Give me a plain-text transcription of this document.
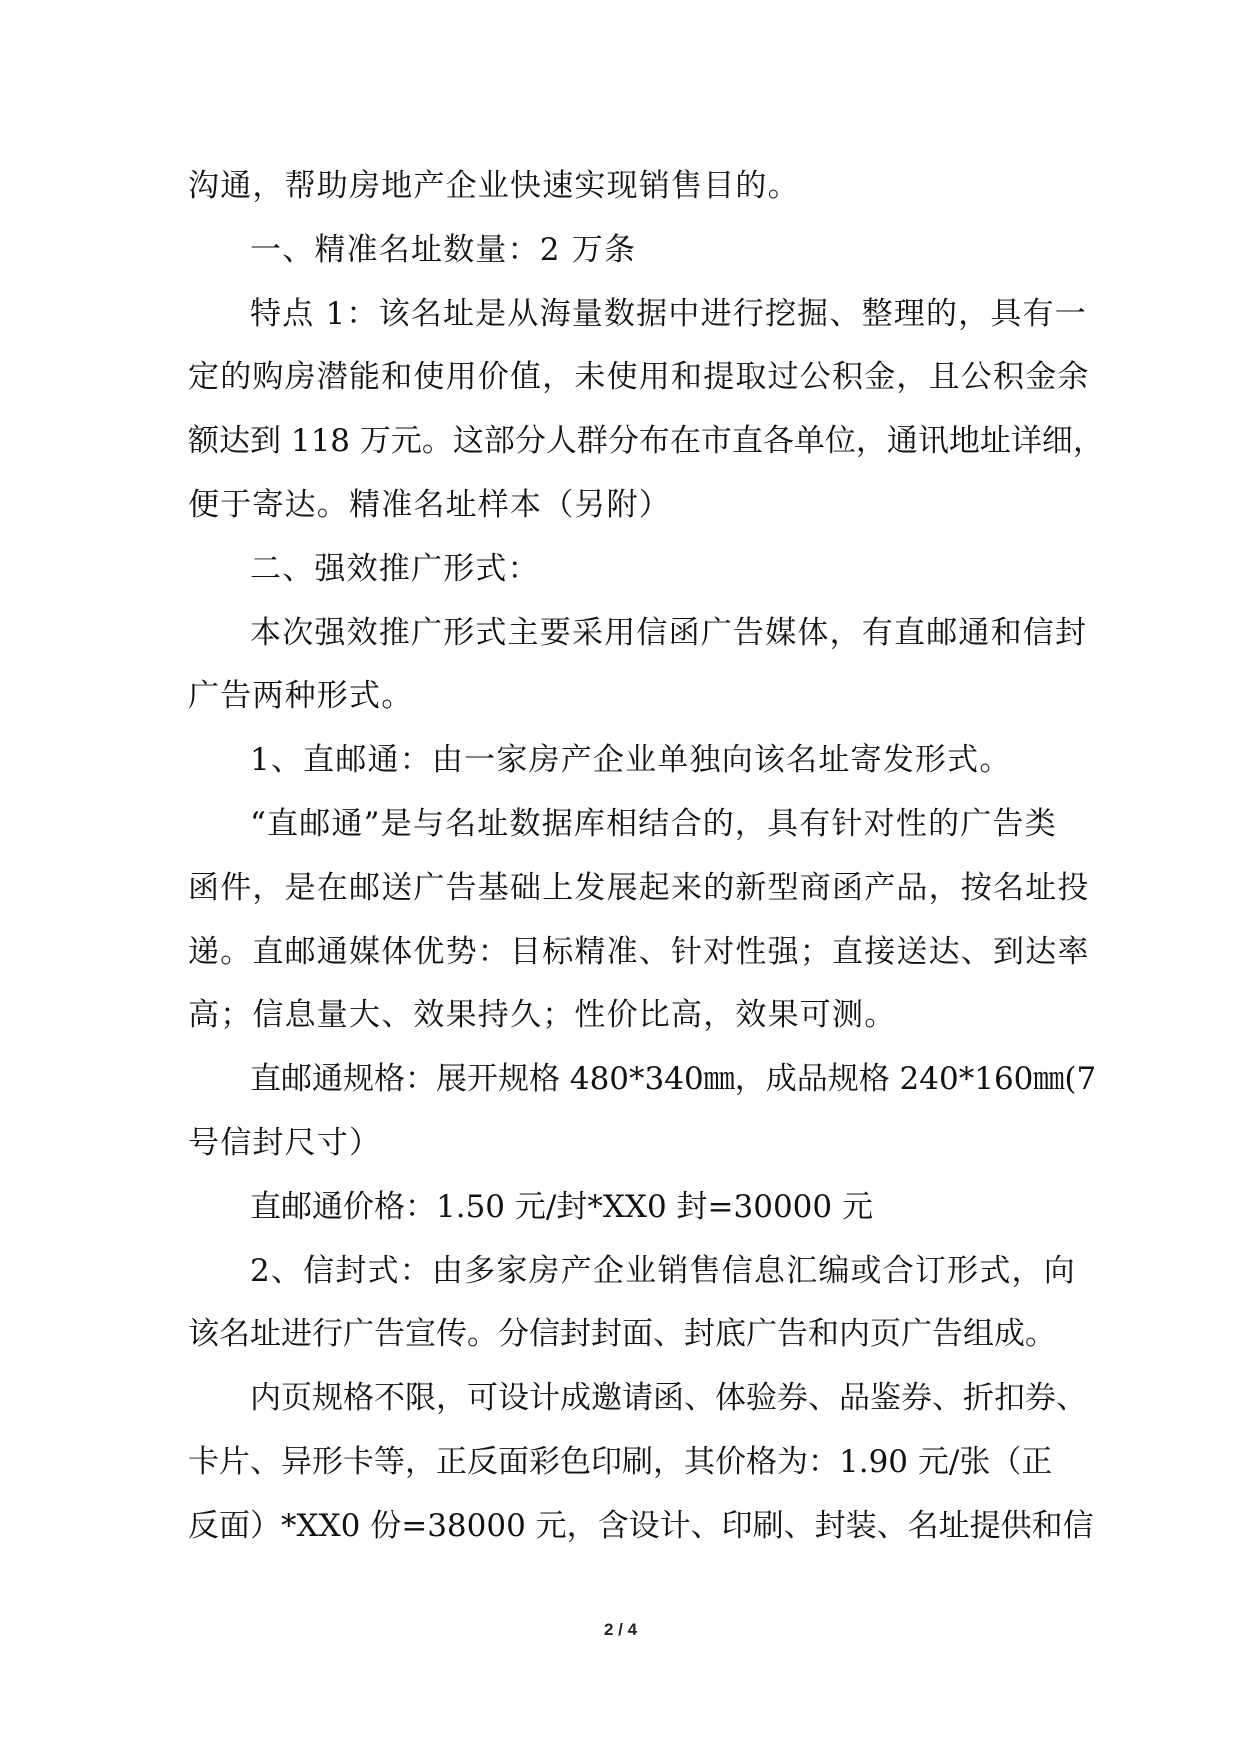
沟通，帮助房地产企业快速实现销售目的。
一、精准名址数量：2 万条
特点 1：该名址是从海量数据中进行挖掘、整理的，具有一
定的购房潜能和使用价值，未使用和提取过公积金，且公积金余
额达到 118 万元。这部分人群分布在市直各单位，通讯地址详细，
便于寄达。精准名址样本（另附）
二、强效推广形式：
本次强效推广形式主要采用信函广告媒体，有直邮通和信封
广告两种形式。
1、直邮通：由一家房产企业单独向该名址寄发形式。
“直邮通”是与名址数据库相结合的，具有针对性的广告类
函件，是在邮送广告基础上发展起来的新型商函产品，按名址投
递。直邮通媒体优势：目标精准、针对性强；直接送达、到达率
高；信息量大、效果持久；性价比高，效果可测。
直邮通规格：展开规格 480*340㎜，成品规格 240*160㎜(7
号信封尺寸）
直邮通价格：1.50 元/封*XX0 封=30000 元
2、信封式：由多家房产企业销售信息汇编或合订形式，向
该名址进行广告宣传。分信封封面、封底广告和内页广告组成。
内页规格不限，可设计成邀请函、体验券、品鉴券、折扣券、
卡片、异形卡等，正反面彩色印刷，其价格为：1.90 元/张（正
反面）*XX0 份=38000 元，含设计、印刷、封装、名址提供和信
2 / 4
